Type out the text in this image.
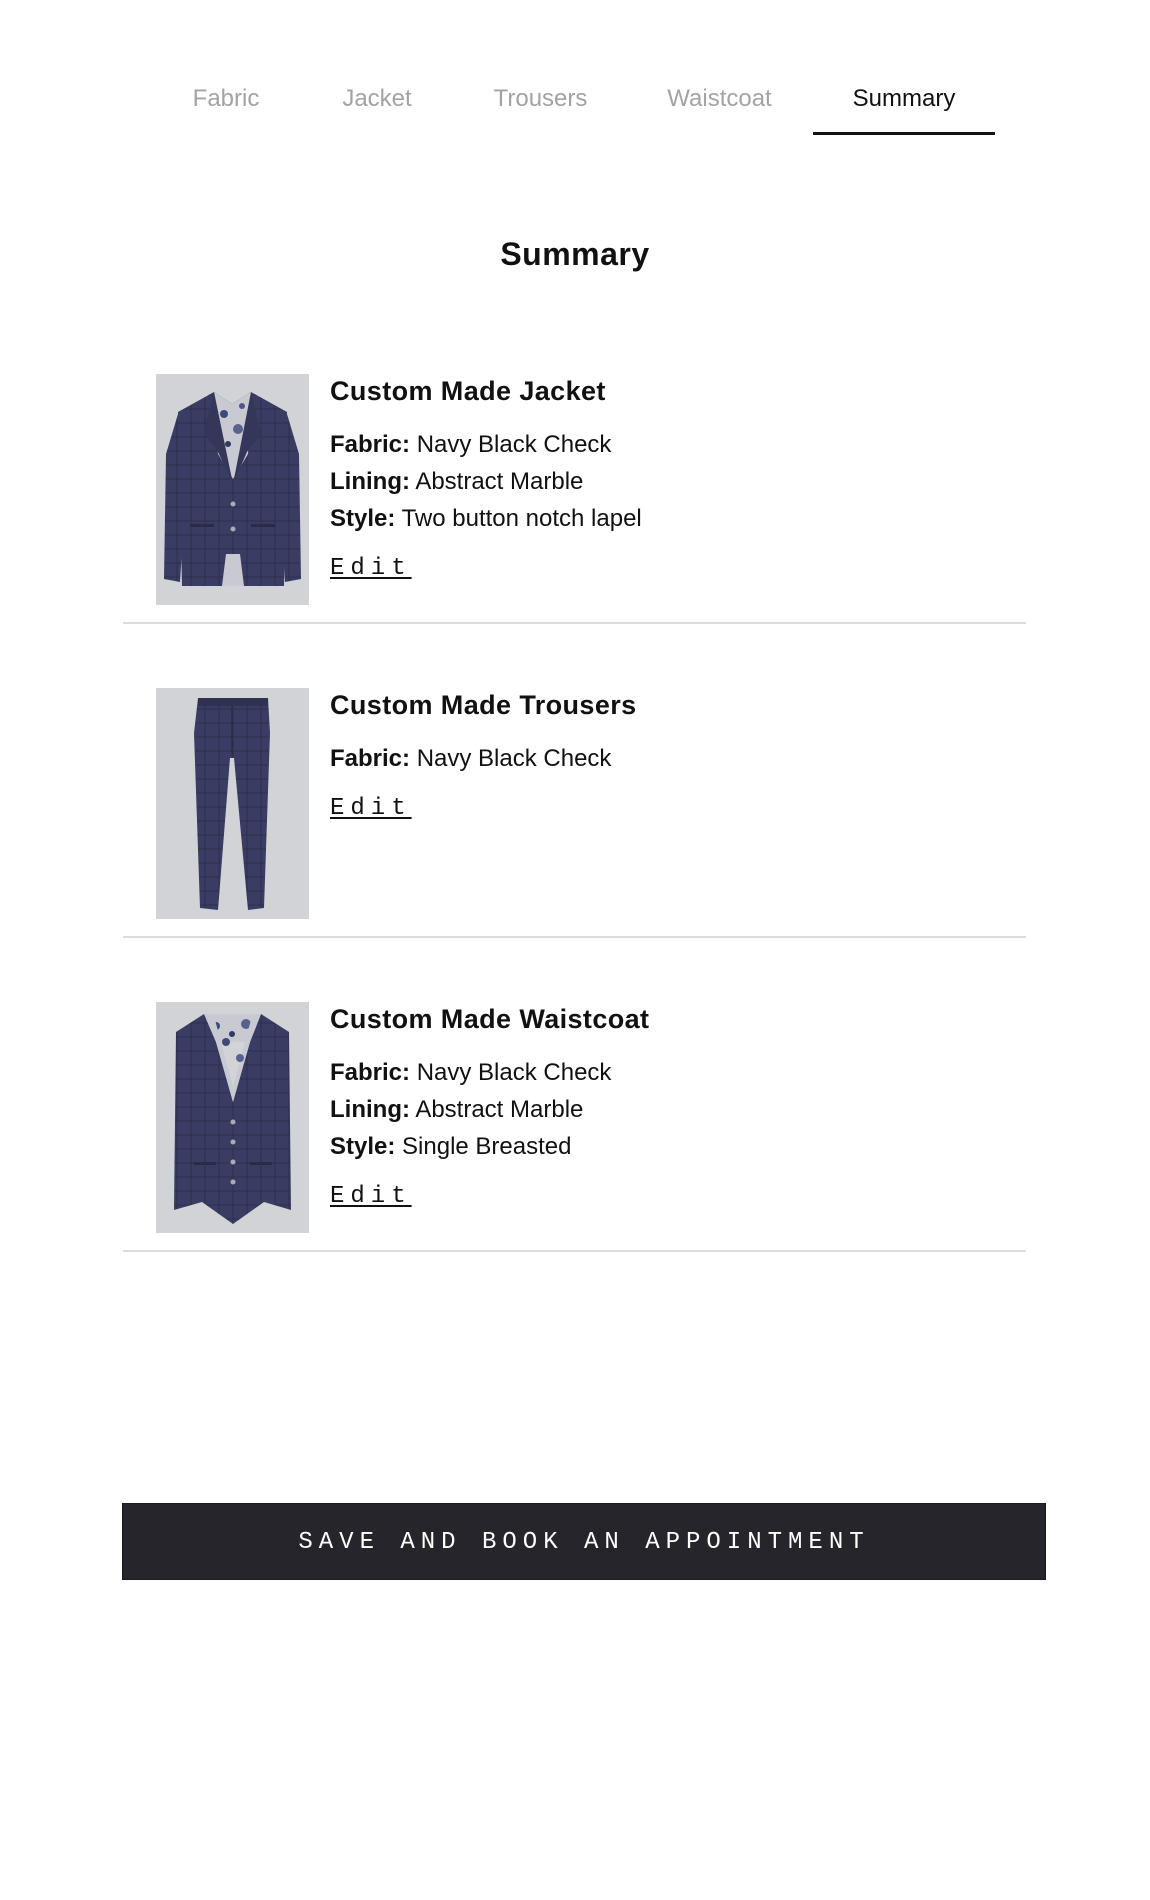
Fabric	Jacket	Trousers	Waistcoat	Summary
Summary
Custom Made Jacket
Fabric: Navy Black Check
Lining: Abstract Marble
Style: Two button notch lapel
Edit
Custom Made Trousers
Fabric: Navy Black Check
Edit
Custom Made Waistcoat
Fabric: Navy Black Check
Lining: Abstract Marble
Style: Single Breasted
Edit
SAVE AND BOOK AN APPOINTMENT
